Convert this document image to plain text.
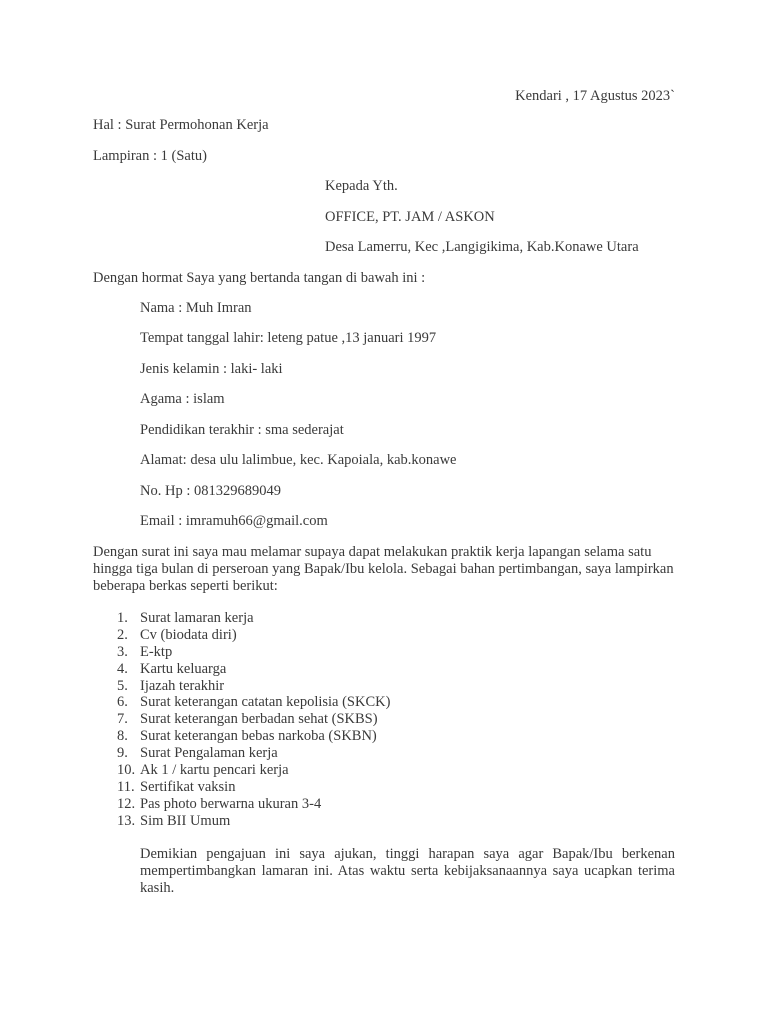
Kendari , 17 Agustus 2023`
Hal : Surat Permohonan Kerja
Lampiran : 1 (Satu)
Kepada Yth.
OFFICE, PT. JAM / ASKON
Desa Lamerru, Kec ,Langigikima, Kab.Konawe Utara
Dengan hormat Saya yang bertanda tangan di bawah ini :
Nama : Muh Imran
Tempat tanggal lahir: leteng patue ,13 januari 1997
Jenis kelamin : laki- laki
Agama : islam
Pendidikan terakhir : sma sederajat
Alamat: desa ulu lalimbue, kec. Kapoiala, kab.konawe
No. Hp : 081329689049
Email : imramuh66@gmail.com

Dengan surat ini saya mau melamar supaya dapat melakukan praktik kerja lapangan selama satu hingga tiga bulan di perseroan yang Bapak/Ibu kelola. Sebagai bahan pertimbangan, saya lampirkan beberapa berkas seperti berikut:

1. Surat lamaran kerja
2. Cv (biodata diri)
3. E-ktp
4. Kartu keluarga
5. Ijazah terakhir
6. Surat keterangan catatan kepolisia (SKCK)
7. Surat keterangan berbadan sehat (SKBS)
8. Surat keterangan bebas narkoba (SKBN)
9. Surat Pengalaman kerja
10. Ak 1 / kartu pencari kerja
11. Sertifikat vaksin
12. Pas photo berwarna ukuran 3-4
13. Sim BII Umum

Demikian pengajuan ini saya ajukan, tinggi harapan saya agar Bapak/Ibu berkenan mempertimbangkan lamaran ini. Atas waktu serta kebijaksanaannya saya ucapkan terima kasih.
